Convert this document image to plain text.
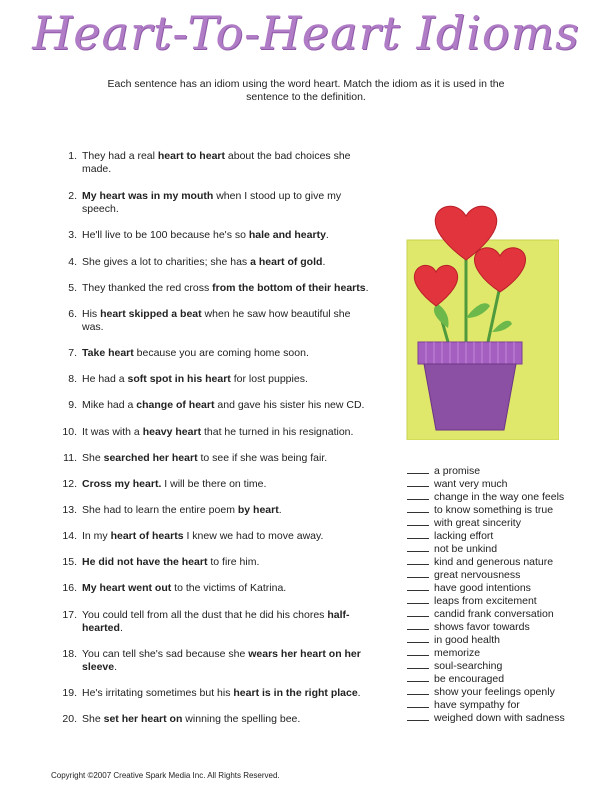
Heart-To-Heart Idioms
Each sentence has an idiom using the word heart. Match the idiom as it is used in the sentence to the definition.
1. They had a real heart to heart about the bad choices she made.
2. My heart was in my mouth when I stood up to give my speech.
3. He'll live to be 100 because he's so hale and hearty.
4. She gives a lot to charities; she has a heart of gold.
5. They thanked the red cross from the bottom of their hearts.
6. His heart skipped a beat when he saw how beautiful she was.
7. Take heart because you are coming home soon.
8. He had a soft spot in his heart for lost puppies.
9. Mike had a change of heart and gave his sister his new CD.
10. It was with a heavy heart that he turned in his resignation.
11. She searched her heart to see if she was being fair.
12. Cross my heart. I will be there on time.
13. She had to learn the entire poem by heart.
14. In my heart of hearts I knew we had to move away.
15. He did not have the heart to fire him.
16. My heart went out to the victims of Katrina.
17. You could tell from all the dust that he did his chores half-hearted.
18. You can tell she's sad because she wears her heart on her sleeve.
19. He's irritating sometimes but his heart is in the right place.
20. She set her heart on winning the spelling bee.
a promise
want very much
change in the way one feels
to know something is true
with great sincerity
lacking effort
not be unkind
kind and generous nature
great nervousness
have good intentions
leaps from excitement
candid frank conversation
shows favor towards
in good health
memorize
soul-searching
be encouraged
show your feelings openly
have sympathy for
weighed down with sadness
Copyright ©2007 Creative Spark Media Inc. All Rights Reserved.
